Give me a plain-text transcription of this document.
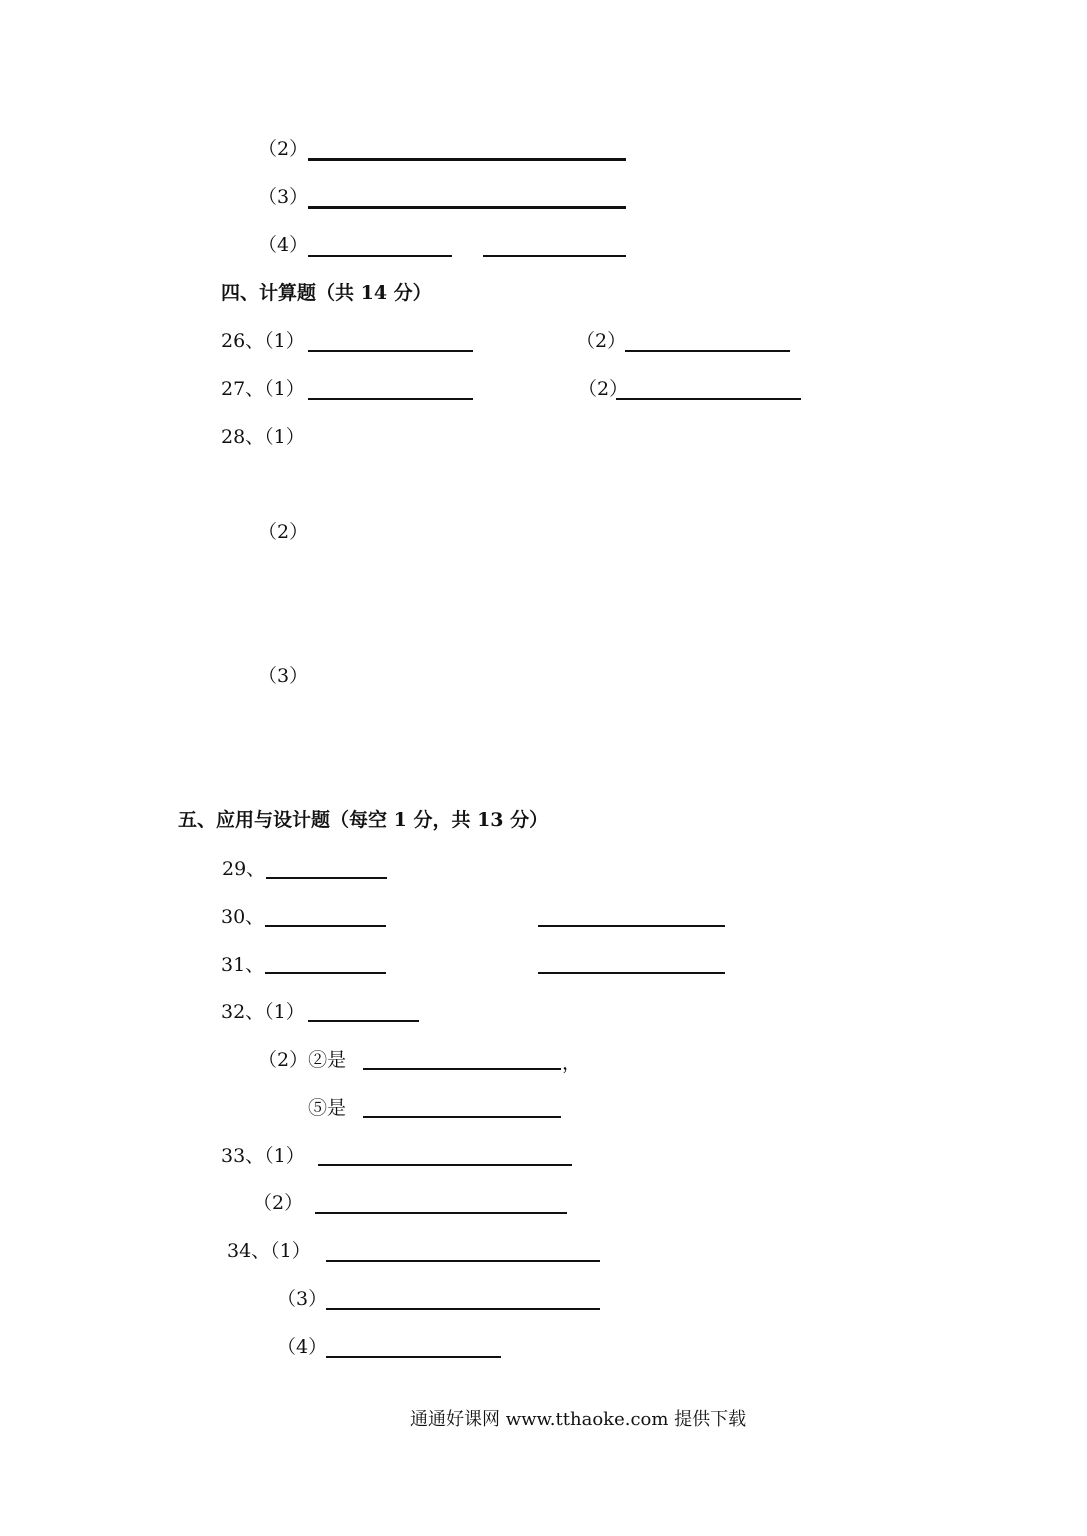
（2）
（3）
（4）
四、计算题（共 14 分）
26、（1）	（2）
27、（1）	（2）
28、（1）
（2）
（3）
五、应用与设计题（每空 1 分，共 13 分）
29、
30、
31、
32、（1）
（2）②是	，
⑤是
33、（1）
（2）
34、（1）
（3）
（4）
通通好课网 www.tthaoke.com 提供下载
